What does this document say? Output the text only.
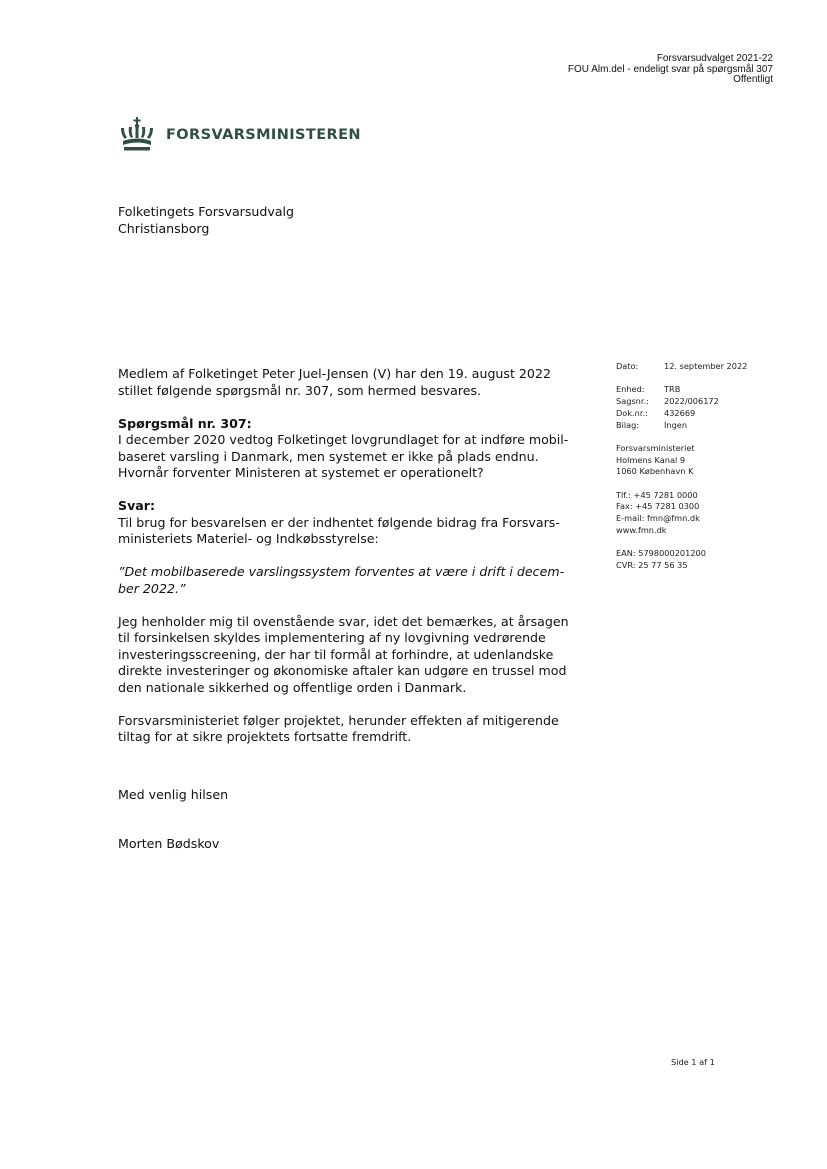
Forsvarsudvalget 2021-22
FOU Alm.del - endeligt svar på spørgsmål 307
Offentligt
FORSVARSMINISTEREN
Folketingets Forsvarsudvalg
Christiansborg

Medlem af Folketinget Peter Juel-Jensen (V) har den 19. august 2022

stillet følgende spørgsmål nr. 307, som hermed besvares.

Spørgsmål nr. 307:

I december 2020 vedtog Folketinget lovgrundlaget for at indføre mobil-

baseret varsling i Danmark, men systemet er ikke på plads endnu.

Hvornår forventer Ministeren at systemet er operationelt?

Svar:

Til brug for besvarelsen er der indhentet følgende bidrag fra Forsvars-

ministeriets Materiel- og Indkøbsstyrelse:

”Det mobilbaserede varslingssystem forventes at være i drift i decem-

ber 2022.”

Jeg henholder mig til ovenstående svar, idet det bemærkes, at årsagen

til forsinkelsen skyldes implementering af ny lovgivning vedrørende

investeringsscreening, der har til formål at forhindre, at udenlandske

direkte investeringer og økonomiske aftaler kan udgøre en trussel mod

den nationale sikkerhed og offentlige orden i Danmark.

Forsvarsministeriet følger projektet, herunder effekten af mitigerende

tiltag for at sikre projektets fortsatte fremdrift.

Med venlig hilsen
Morten Bødskov
Dato:	12. september 2022
Enhed:	TRB
Sagsnr.:	2022/006172
Dok.nr.:	432669
Bilag:	Ingen
Forsvarsministeriet
Holmens Kanal 9
1060 København K
Tlf.: +45 7281 0000
Fax: +45 7281 0300
E-mail: fmn@fmn.dk
www.fmn.dk
EAN: 5798000201200
CVR: 25 77 56 35
Side 1 af 1
